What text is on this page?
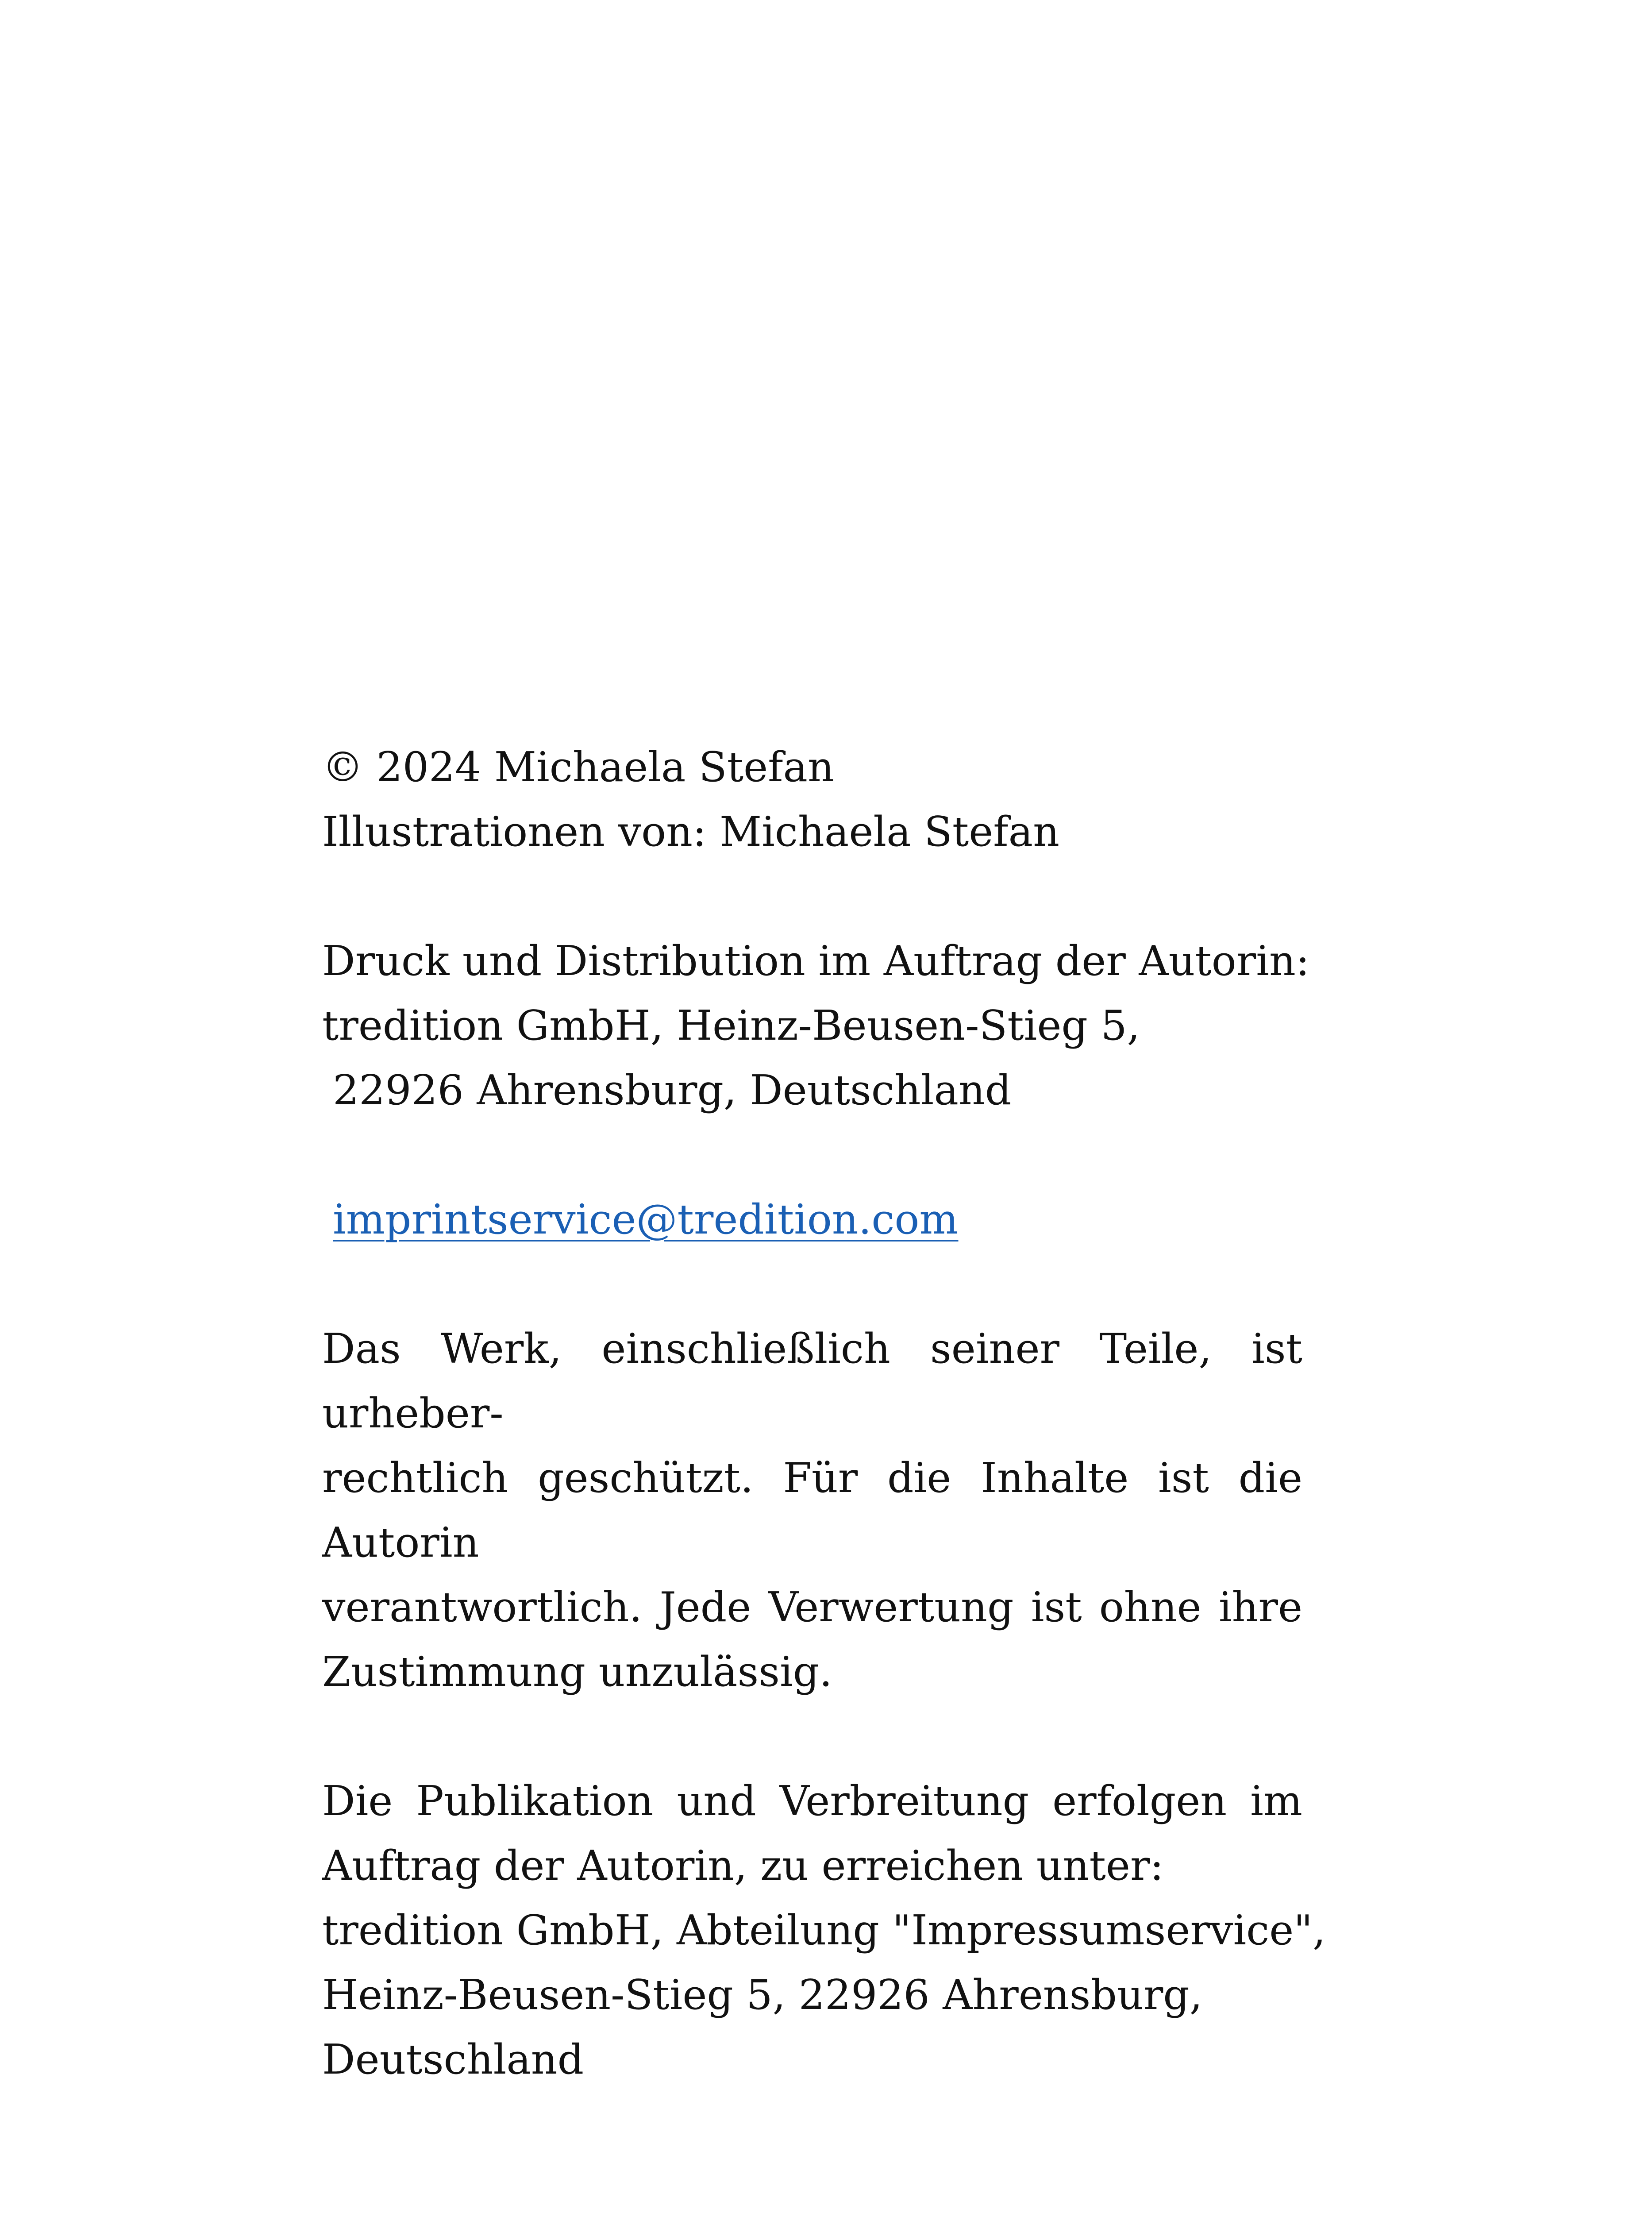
© 2024 Michaela Stefan
Illustrationen von: Michaela Stefan
Druck und Distribution im Auftrag der Autorin:
tredition GmbH, Heinz-Beusen-Stieg 5,
22926 Ahrensburg, Deutschland
imprintservice@tredition.com
Das Werk, einschließlich seiner Teile, ist urheber-
rechtlich geschützt. Für die Inhalte ist die Autorin
verantwortlich. Jede Verwertung ist ohne ihre
Zustimmung unzulässig.
Die Publikation und Verbreitung erfolgen im
Auftrag der Autorin, zu erreichen unter:
tredition GmbH, Abteilung "Impressumservice",
Heinz-Beusen-Stieg 5, 22926 Ahrensburg,
Deutschland
